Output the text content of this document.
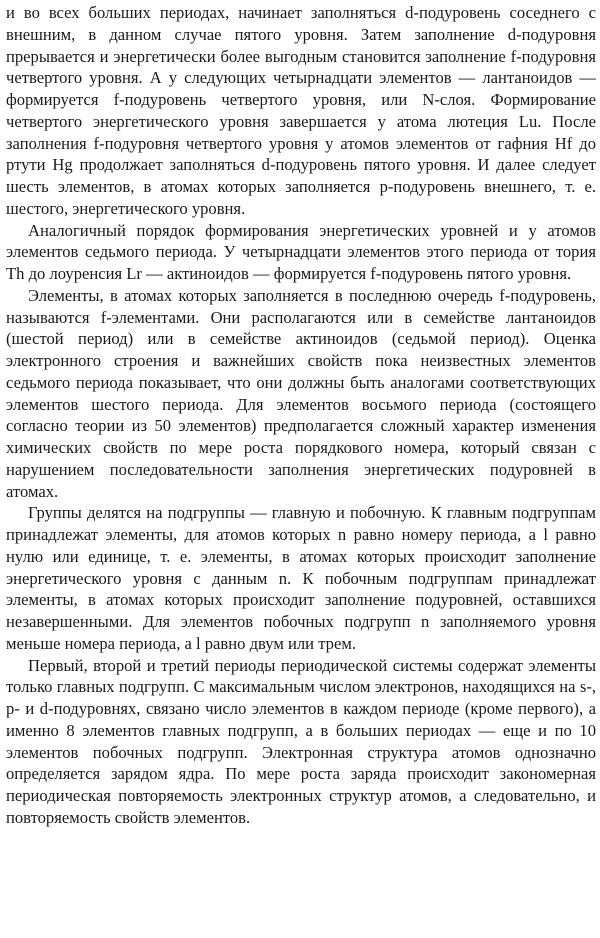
и во всех больших периодах, начинает заполняться d-подуровень соседнего с внешним, в данном случае пятого уровня. Затем заполнение d-подуровня прерывается и энергетически более выгодным становится заполнение f-подуровня четвертого уровня. А у следующих четырнадцати элементов — лантаноидов — формируется f-подуровень четвертого уровня, или N-слоя. Формирование четвертого энергетического уровня завершается у атома лютеция Lu. После заполнения f-подуровня четвертого уровня у атомов элементов от гафния Hf до ртути Hg продолжает заполняться d-подуровень пятого уровня. И далее следует шесть элементов, в атомах которых заполняется p-подуровень внешнего, т. е. шестого, энергетического уровня.

Аналогичный порядок формирования энергетических уровней и у атомов элементов седьмого периода. У четырнадцати элементов этого периода от тория Th до лоуренсия Lr — актиноидов — формируется f-подуровень пятого уровня.

Элементы, в атомах которых заполняется в последнюю очередь f-подуровень, называются f-элементами. Они располагаются или в семействе лантаноидов (шестой период) или в семействе актиноидов (седьмой период). Оценка электронного строения и важнейших свойств пока неизвестных элементов седьмого периода показывает, что они должны быть аналогами соответствующих элементов шестого периода. Для элементов восьмого периода (состоящего согласно теории из 50 элементов) предполагается сложный характер изменения химических свойств по мере роста порядкового номера, который связан с нарушением последовательности заполнения энергетических подуровней в атомах.

Группы делятся на подгруппы — главную и побочную. К главным подгруппам принадлежат элементы, для атомов которых n равно номеру периода, а l равно нулю или единице, т. е. элементы, в атомах которых происходит заполнение энергетического уровня с данным n. К побочным подгруппам принадлежат элементы, в атомах которых происходит заполнение подуровней, оставшихся незавершенными. Для элементов побочных подгрупп n заполняемого уровня меньше номера периода, а l равно двум или трем.

Первый, второй и третий периоды периодической системы содержат элементы только главных подгрупп. С максимальным числом электронов, находящихся на s-, p- и d-подуровнях, связано число элементов в каждом периоде (кроме первого), а именно 8 элементов главных подгрупп, а в больших периодах — еще и по 10 элементов побочных подгрупп. Электронная структура атомов однозначно определяется зарядом ядра. По мере роста заряда происходит закономерная периодическая повторяемость электронных структур атомов, а следовательно, и повторяемость свойств элементов.
